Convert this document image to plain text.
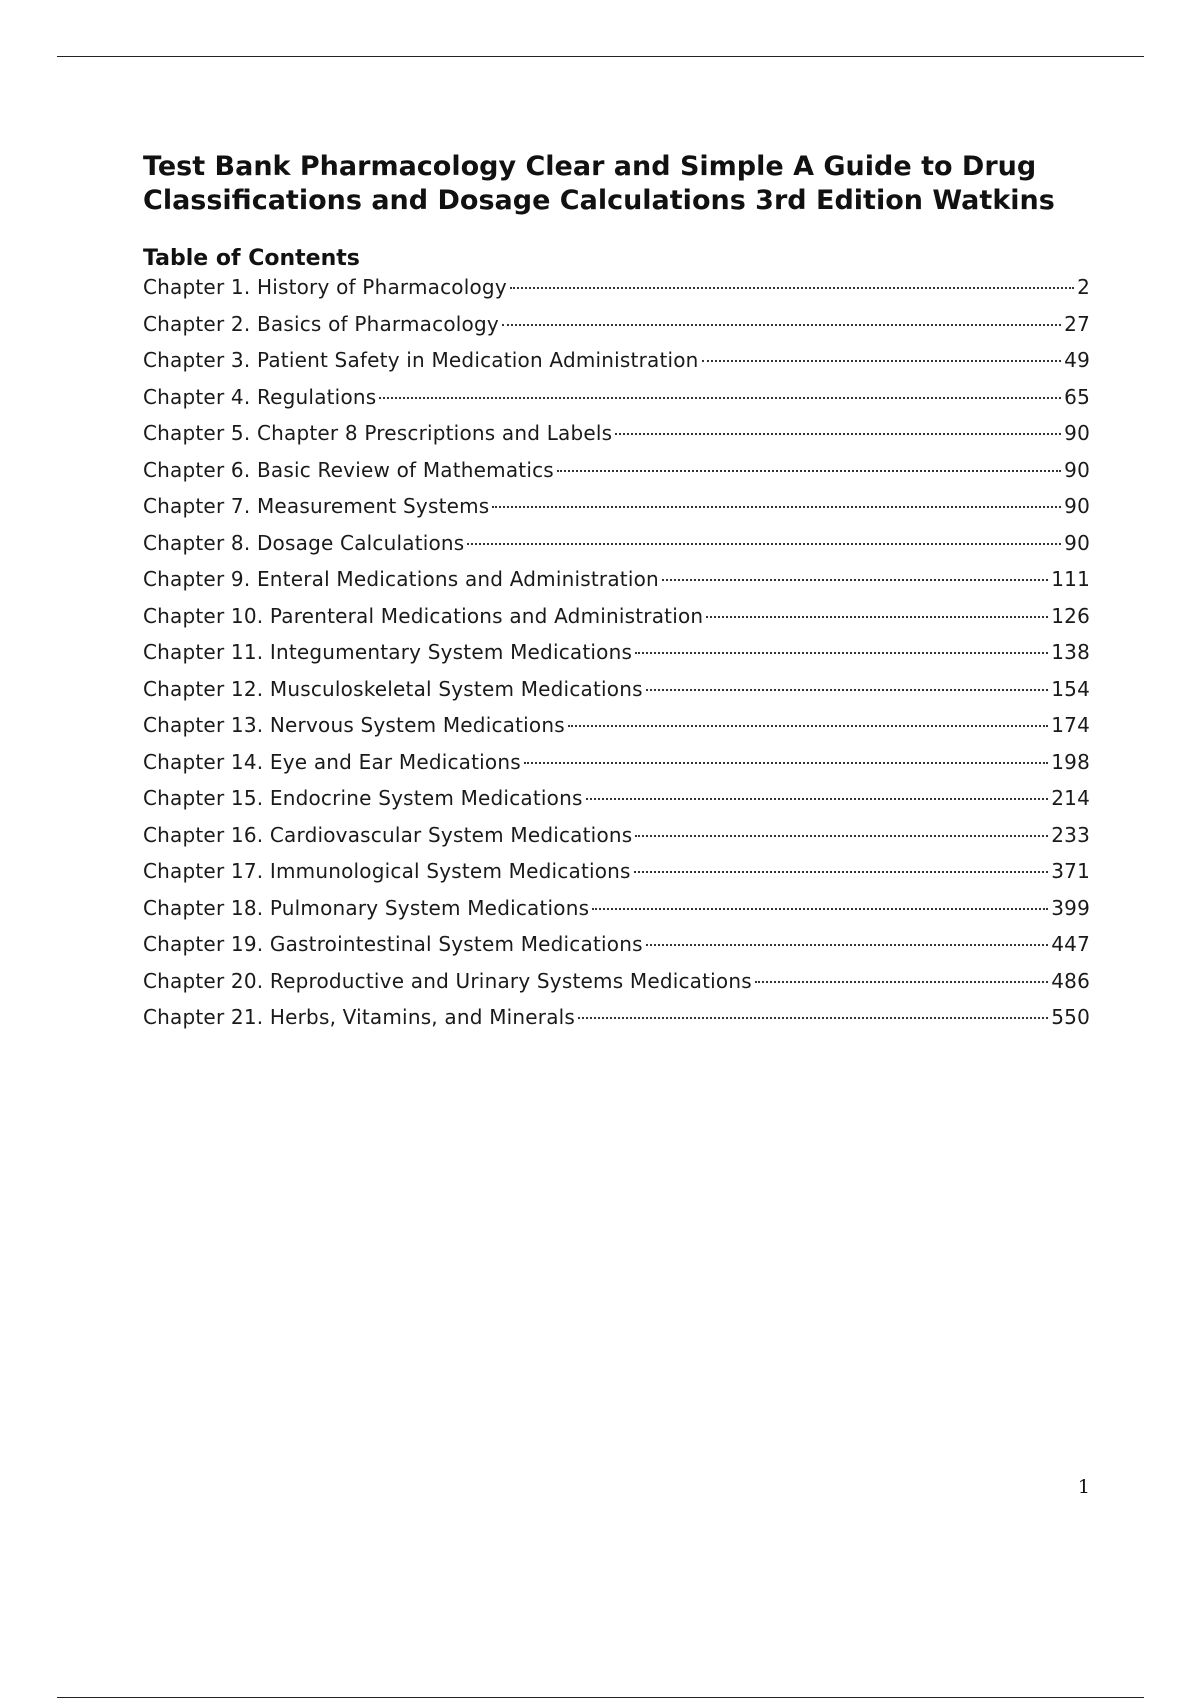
Test Bank Pharmacology Clear and Simple A Guide to Drug Classifications and Dosage Calculations 3rd Edition Watkins
Table of Contents
Chapter 1. History of Pharmacology	2
Chapter 2. Basics of Pharmacology	27
Chapter 3. Patient Safety in Medication Administration	49
Chapter 4. Regulations	65
Chapter 5. Chapter 8 Prescriptions and Labels	90
Chapter 6. Basic Review of Mathematics	90
Chapter 7. Measurement Systems	90
Chapter 8. Dosage Calculations	90
Chapter 9. Enteral Medications and Administration	111
Chapter 10. Parenteral Medications and Administration	126
Chapter 11. Integumentary System Medications	138
Chapter 12. Musculoskeletal System Medications	154
Chapter 13. Nervous System Medications	174
Chapter 14. Eye and Ear Medications	198
Chapter 15. Endocrine System Medications	214
Chapter 16. Cardiovascular System Medications	233
Chapter 17. Immunological System Medications	371
Chapter 18. Pulmonary System Medications	399
Chapter 19. Gastrointestinal System Medications	447
Chapter 20. Reproductive and Urinary Systems Medications	486
Chapter 21. Herbs, Vitamins, and Minerals	550
1
